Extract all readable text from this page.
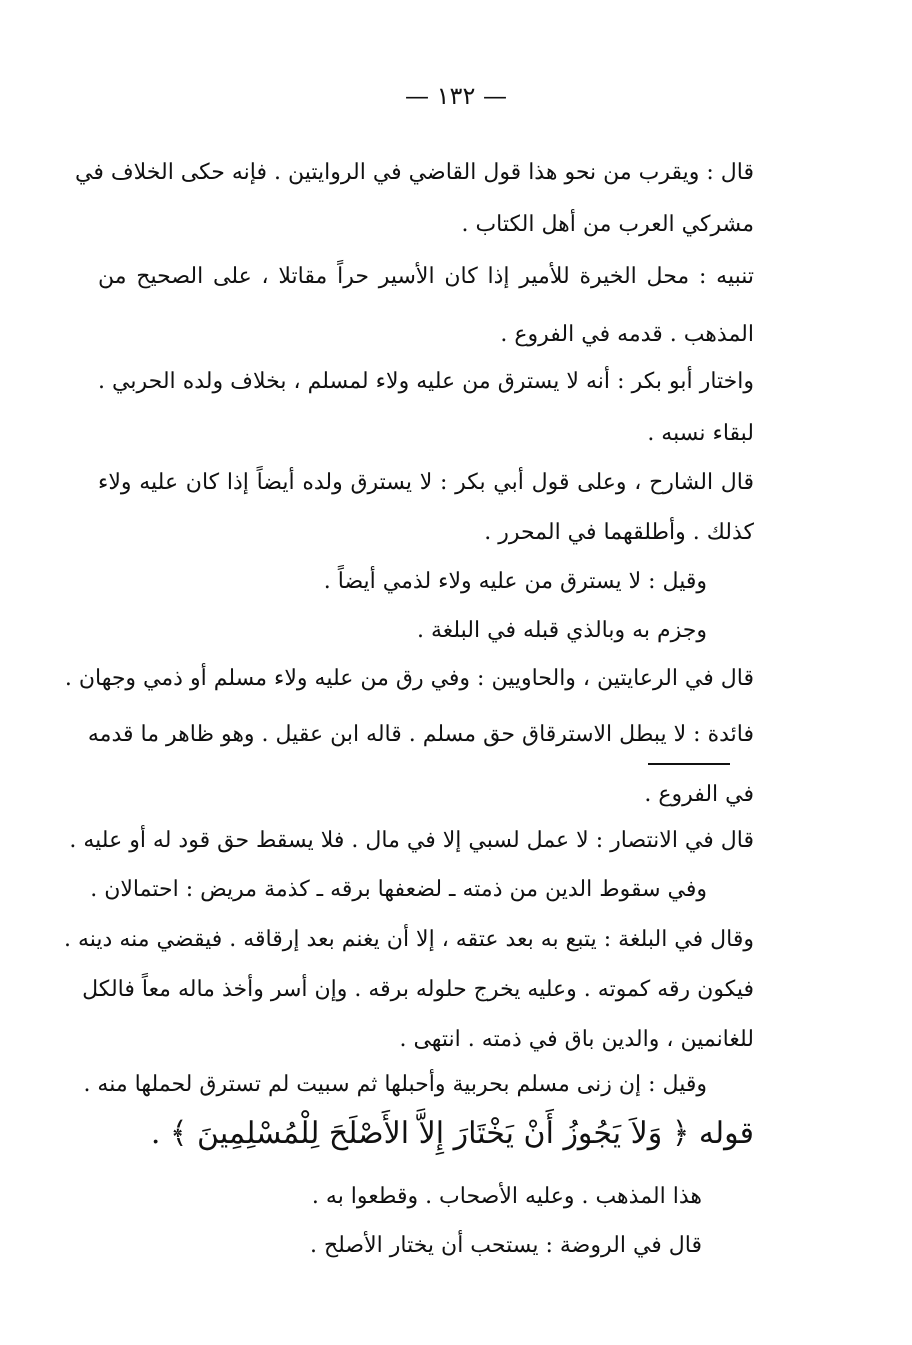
— ١٣٢ —
قال : ويقرب من نحو هذا قول القاضي في الروايتين . فإنه حكى الخلاف في
مشركي العرب من أهل الكتاب .
تنبيه : محل الخيرة للأمير إذا كان الأسير حراً مقاتلا ، على الصحيح من
المذهب . قدمه في الفروع .
واختار أبو بكر : أنه لا يسترق من عليه ولاء لمسلم ، بخلاف ولده الحربي .
لبقاء نسبه .
قال الشارح ، وعلى قول أبي بكر : لا يسترق ولده أيضاً إذا كان عليه ولاء
كذلك . وأطلقهما في المحرر .
وقيل : لا يسترق من عليه ولاء لذمي أيضاً .
وجزم به وبالذي قبله في البلغة .
قال في الرعايتين ، والحاويين : وفي رق من عليه ولاء مسلم أو ذمي وجهان .
فائدة : لا يبطل الاسترقاق حق مسلم . قاله ابن عقيل . وهو ظاهر ما قدمه
في الفروع .
قال في الانتصار : لا عمل لسبي إلا في مال . فلا يسقط حق قود له أو عليه .
وفي سقوط الدين من ذمته ـ لضعفها برقه ـ كذمة مريض : احتمالان .
وقال في البلغة : يتبع به بعد عتقه ، إلا أن يغنم بعد إرقاقه . فيقضي منه دينه .
فيكون رقه كموته . وعليه يخرج حلوله برقه . وإن أسر وأخذ ماله معاً فالكل
للغانمين ، والدين باق في ذمته . انتهى .
وقيل : إن زنى مسلم بحربية وأحبلها ثم سبيت لم تسترق لحملها منه .
قوله ﴿ وَلاَ يَجُوزُ أَنْ يَخْتَارَ إِلاَّ الأَصْلَحَ لِلْمُسْلِمِينَ ﴾ .
هذا المذهب . وعليه الأصحاب . وقطعوا به .
قال في الروضة : يستحب أن يختار الأصلح .
